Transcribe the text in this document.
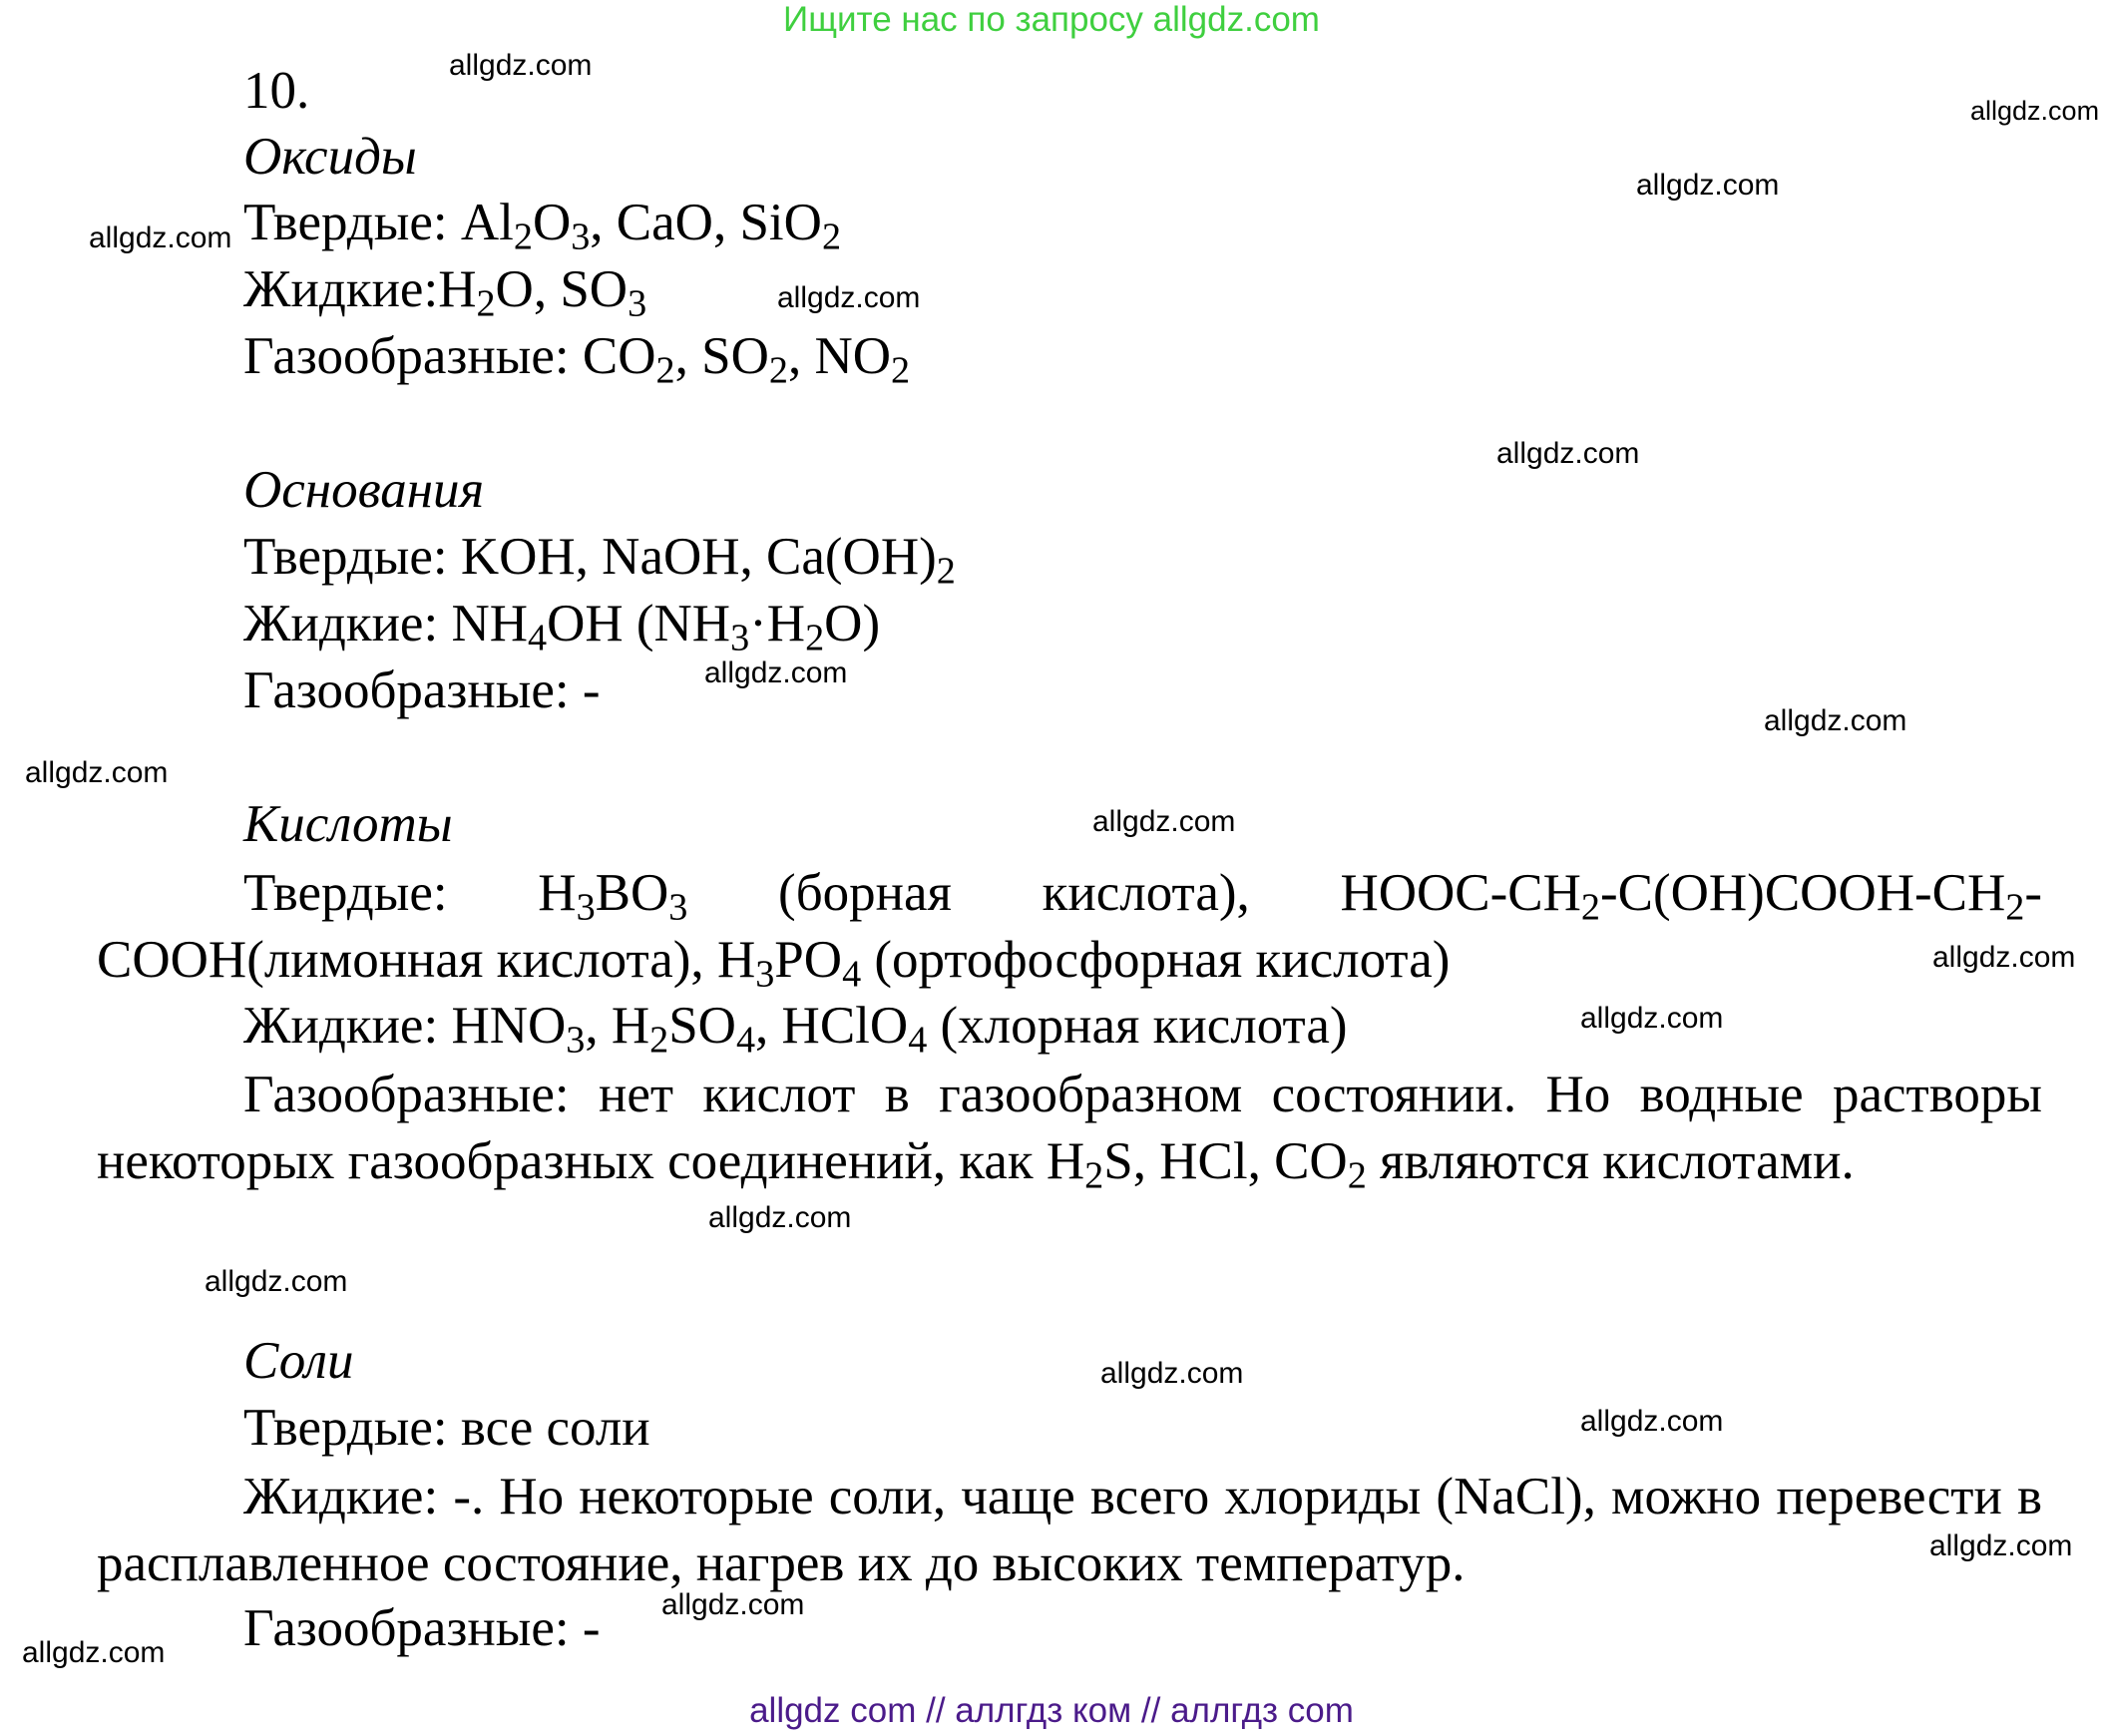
Ищите нас по запросу allgdz.com
allgdz.com
allgdz.com
allgdz.com
allgdz.com
allgdz.com
allgdz.com
allgdz.com
allgdz.com
allgdz.com
allgdz.com
allgdz.com
allgdz.com
allgdz.com
allgdz.com
allgdz.com
allgdz.com
allgdz.com
allgdz.com
allgdz.com
10.
Оксиды
Твердые: $Al_2O_3$, CaO, SiO$_2$
$Жидкие:H_2O$, $SO_3$
Газообразные: $CO_2$, $SO_2$, $NO_2$
Основания
Твердые: KOH, NaOH, $Ca(OH)_2$
Жидкие: $NH_4OH$ $(NH_3\cdot H_2O)$
Газообразные: -
Кислоты
Твердые: $H_3BO_3$ (борная кислота), HOOC-$CH_2-C(OH)COOH-CH_2-COOH(лимонная$ кислота), $H_3PO_4$ (ортофосфорная кислота)
Жидкие: $HNO_3$, $H_2SO_4$, HClO$_4$ (хлорная кислота)
Газообразные: нет кислот в газообразном состоянии. Но водные растворы некоторых газообразных соединений, как $H_2S$, HCl, $CO_2$ являются кислотами.
Соли
Твердые: все соли
Жидкие: -. Но некоторые соли, чаще всего хлориды (NaCl), можно перевести в расплавленное состояние, нагрев их до высоких температур.
Газообразные: -
allgdz com // аллгдз ком // аллгдз com
